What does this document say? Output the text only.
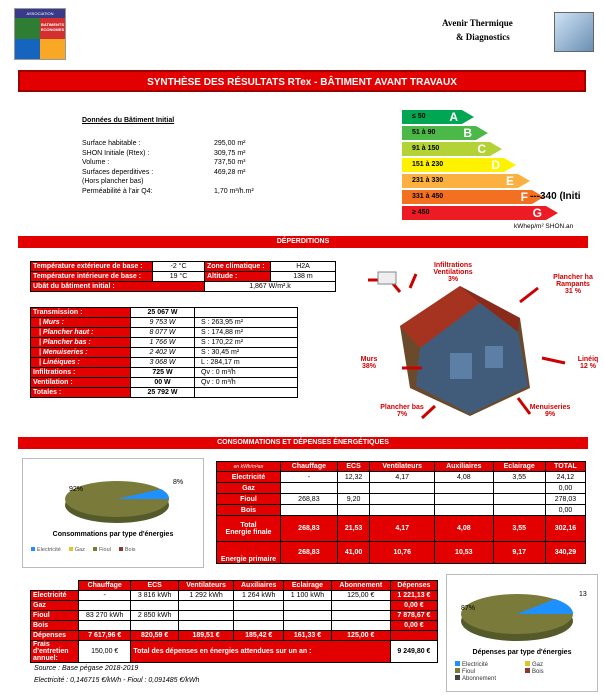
ASSOCIATION
BATIMENTS ECONOMES
Avenir Thermique
& Diagnostics
SYNTHÈSE DES RÉSULTATS RTex - BÂTIMENT AVANT TRAVAUX
Données du Bâtiment Initial
Surface habitable :	295,00 m²
SHON Initiale (Rtex) :	309,75 m²
Volume :	737,50 m³
Surfaces deperditives :	469,28 m²
(Hors plancher bas)
Perméabilité à l'air Q4:	1,70 m³/h.m²
≤ 50 A
51 à 90 B
91 à 150	C
151 à 230	D
231 à 330	E
331 à 450	F
≥ 450	G
---340 (Initi
kWhep/m² SHON.an
DÉPERDITIONS
Température extérieure de base :	-2 °C	Zone climatique :	H2A
Température intérieure de base :	19 °C	Altitude :	138 m
Ubât du bâtiment initial :		1,867 W/m².k	
Transmission :	25 067 W	
| Murs :	9 753 W	S : 263,95 m²
| Plancher haut :	8 077 W	S : 174,88 m²
| Plancher bas :	1 766 W	S : 170,22 m²
| Menuiseries :	2 402 W	S : 30,45 m²
| Linéiques :	3 068 W	L : 284,17 m
Infiltrations :	725 W	Qv : 0 m³/h
Ventilation :	00 W	Qv : 0 m³/h
Totales :	25 792 W	
Infiltrations
Ventilations
3%	Plancher ha
Rampants
31 %
Murs
38%
Linéiq
12 %
Plancher bas
7%
Menuiseries
9%
CONSOMMATIONS ET DÉPENSES ÉNERGÉTIQUES
92%
8%
Consommations par type d'énergies
Electricité	Gaz	Fioul	Bois
en kWh/m²an	Chauffage	ECS	Ventilateurs	Auxiliaires	Eclairage	TOTAL
Electricité	-	12,32	4,17	4,08	3,55	24,12
Gaz						0,00
Fioul	268,83	9,20				278,03
Bois						0,00

Total
Energie finale	268,83	21,53	4,17	4,08	3,55	302,16
Energie primaire	268,83	41,00	10,76	10,53	9,17	340,29
	Chauffage	ECS	Ventilateurs	Auxiliaires	Eclairage	Abonnement	Dépenses
Electricité	-	3 816 kWh	1 292 kWh	1 264 kWh	1 100 kWh	125,00 €	1 221,13 €
Gaz							0,00 €
Fioul	83 270 kWh	2 850 kWh					7 878,67 €
Bois							0,00 €
Dépenses	7 617,96 €	820,59 €	189,51 €	185,42 €	161,33 €	125,00 €	
Frais d'entretien annuel:	150,00 €	Total des dépenses en énergies attendues sur un an :					9 249,80 €
Source : Base pégase 2018-2019
Electricité : 0,146715 €/kWh - Fioul : 0,091485 €/kWh
87%
13
Dépenses par type d'énergies
Electricité	Gaz
Fioul	Bois
Abonnement
